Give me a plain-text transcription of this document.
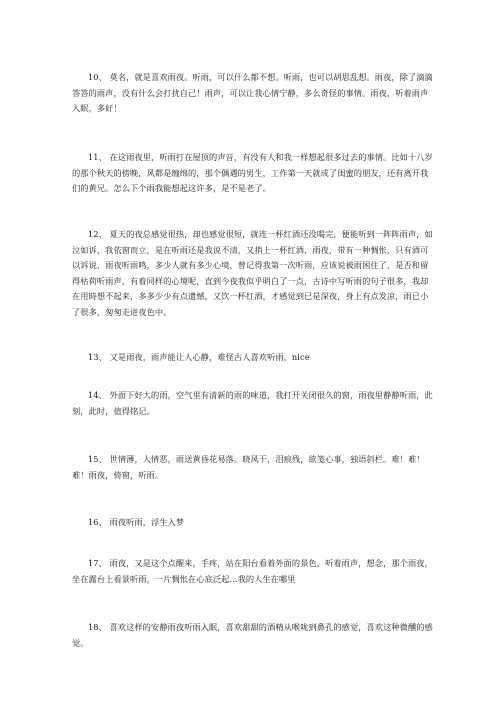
10、 莫名，就是喜欢雨夜。听雨，可以什么都不想。听雨，也可以胡思乱想。雨夜，除了滴滴答答的雨声，没有什么会打扰自己！雨声，可以让我心情宁静，多么奇怪的事情。雨夜，听着雨声入眠，多好！

11、 在这雨夜里，听雨打在屋顶的声音，有没有人和我一样想起很多过去的事情。比如十八岁的那个秋天的傍晚，风都是缠绵的，那个偶遇的男生，工作第一天就成了闺蜜的朋友，还有离开我们的黄兄。怎么下个雨我能想起这许多，是不是老了。

12、 夏天的夜总感觉很热，却也感觉很短，就连一杯红酒还没喝完，便能听到一阵阵雨声，如泣如诉，我依窗而立，是在听雨还是我说不清，又捎上一杯红酒，雨夜，带有一种惆怅，只有酒可以诉说，雨夜听雨鸣，多少人就有多少心境，曾记得我第一次听雨，应该说被雨困住了，是否和留得枯荷听雨声，有着同样的心境呢，直到今夜我似乎明白了一点，古诗中写听雨的句子很多，我却在用時想不起来，多多少少有点遗憾，又饮一杯红酒，才感觉到已是深夜，身上有点发凉，雨已小了很多，匆匆走进夜色中。

13、 又是雨夜，雨声能让人心静，难怪古人喜欢听雨，nice

14、 外面下好大的雨，空气里有清新的雨的味道，我打开关闭很久的窗，雨夜里静静听雨，此刻，此时，值得铭记。

15、 世情薄，人情恶，雨送黄昏花易落。晓风干，泪痕残，欲笺心事，独语斜栏。难！难！难！雨夜，倚窗，听雨。

16、 雨夜听雨，浮生入梦

17、 雨夜，又是这个点醒来，手疼，站在阳台看着外面的景色，听着雨声，想念，那个雨夜，坐在露台上看景听雨，一片惆怅在心底泛起...我的人生在哪里

18、 喜欢这样的安静雨夜听雨入眠，喜欢甜甜的酒精从喉咙到鼻孔的感觉，喜欢这种微醺的感觉。
